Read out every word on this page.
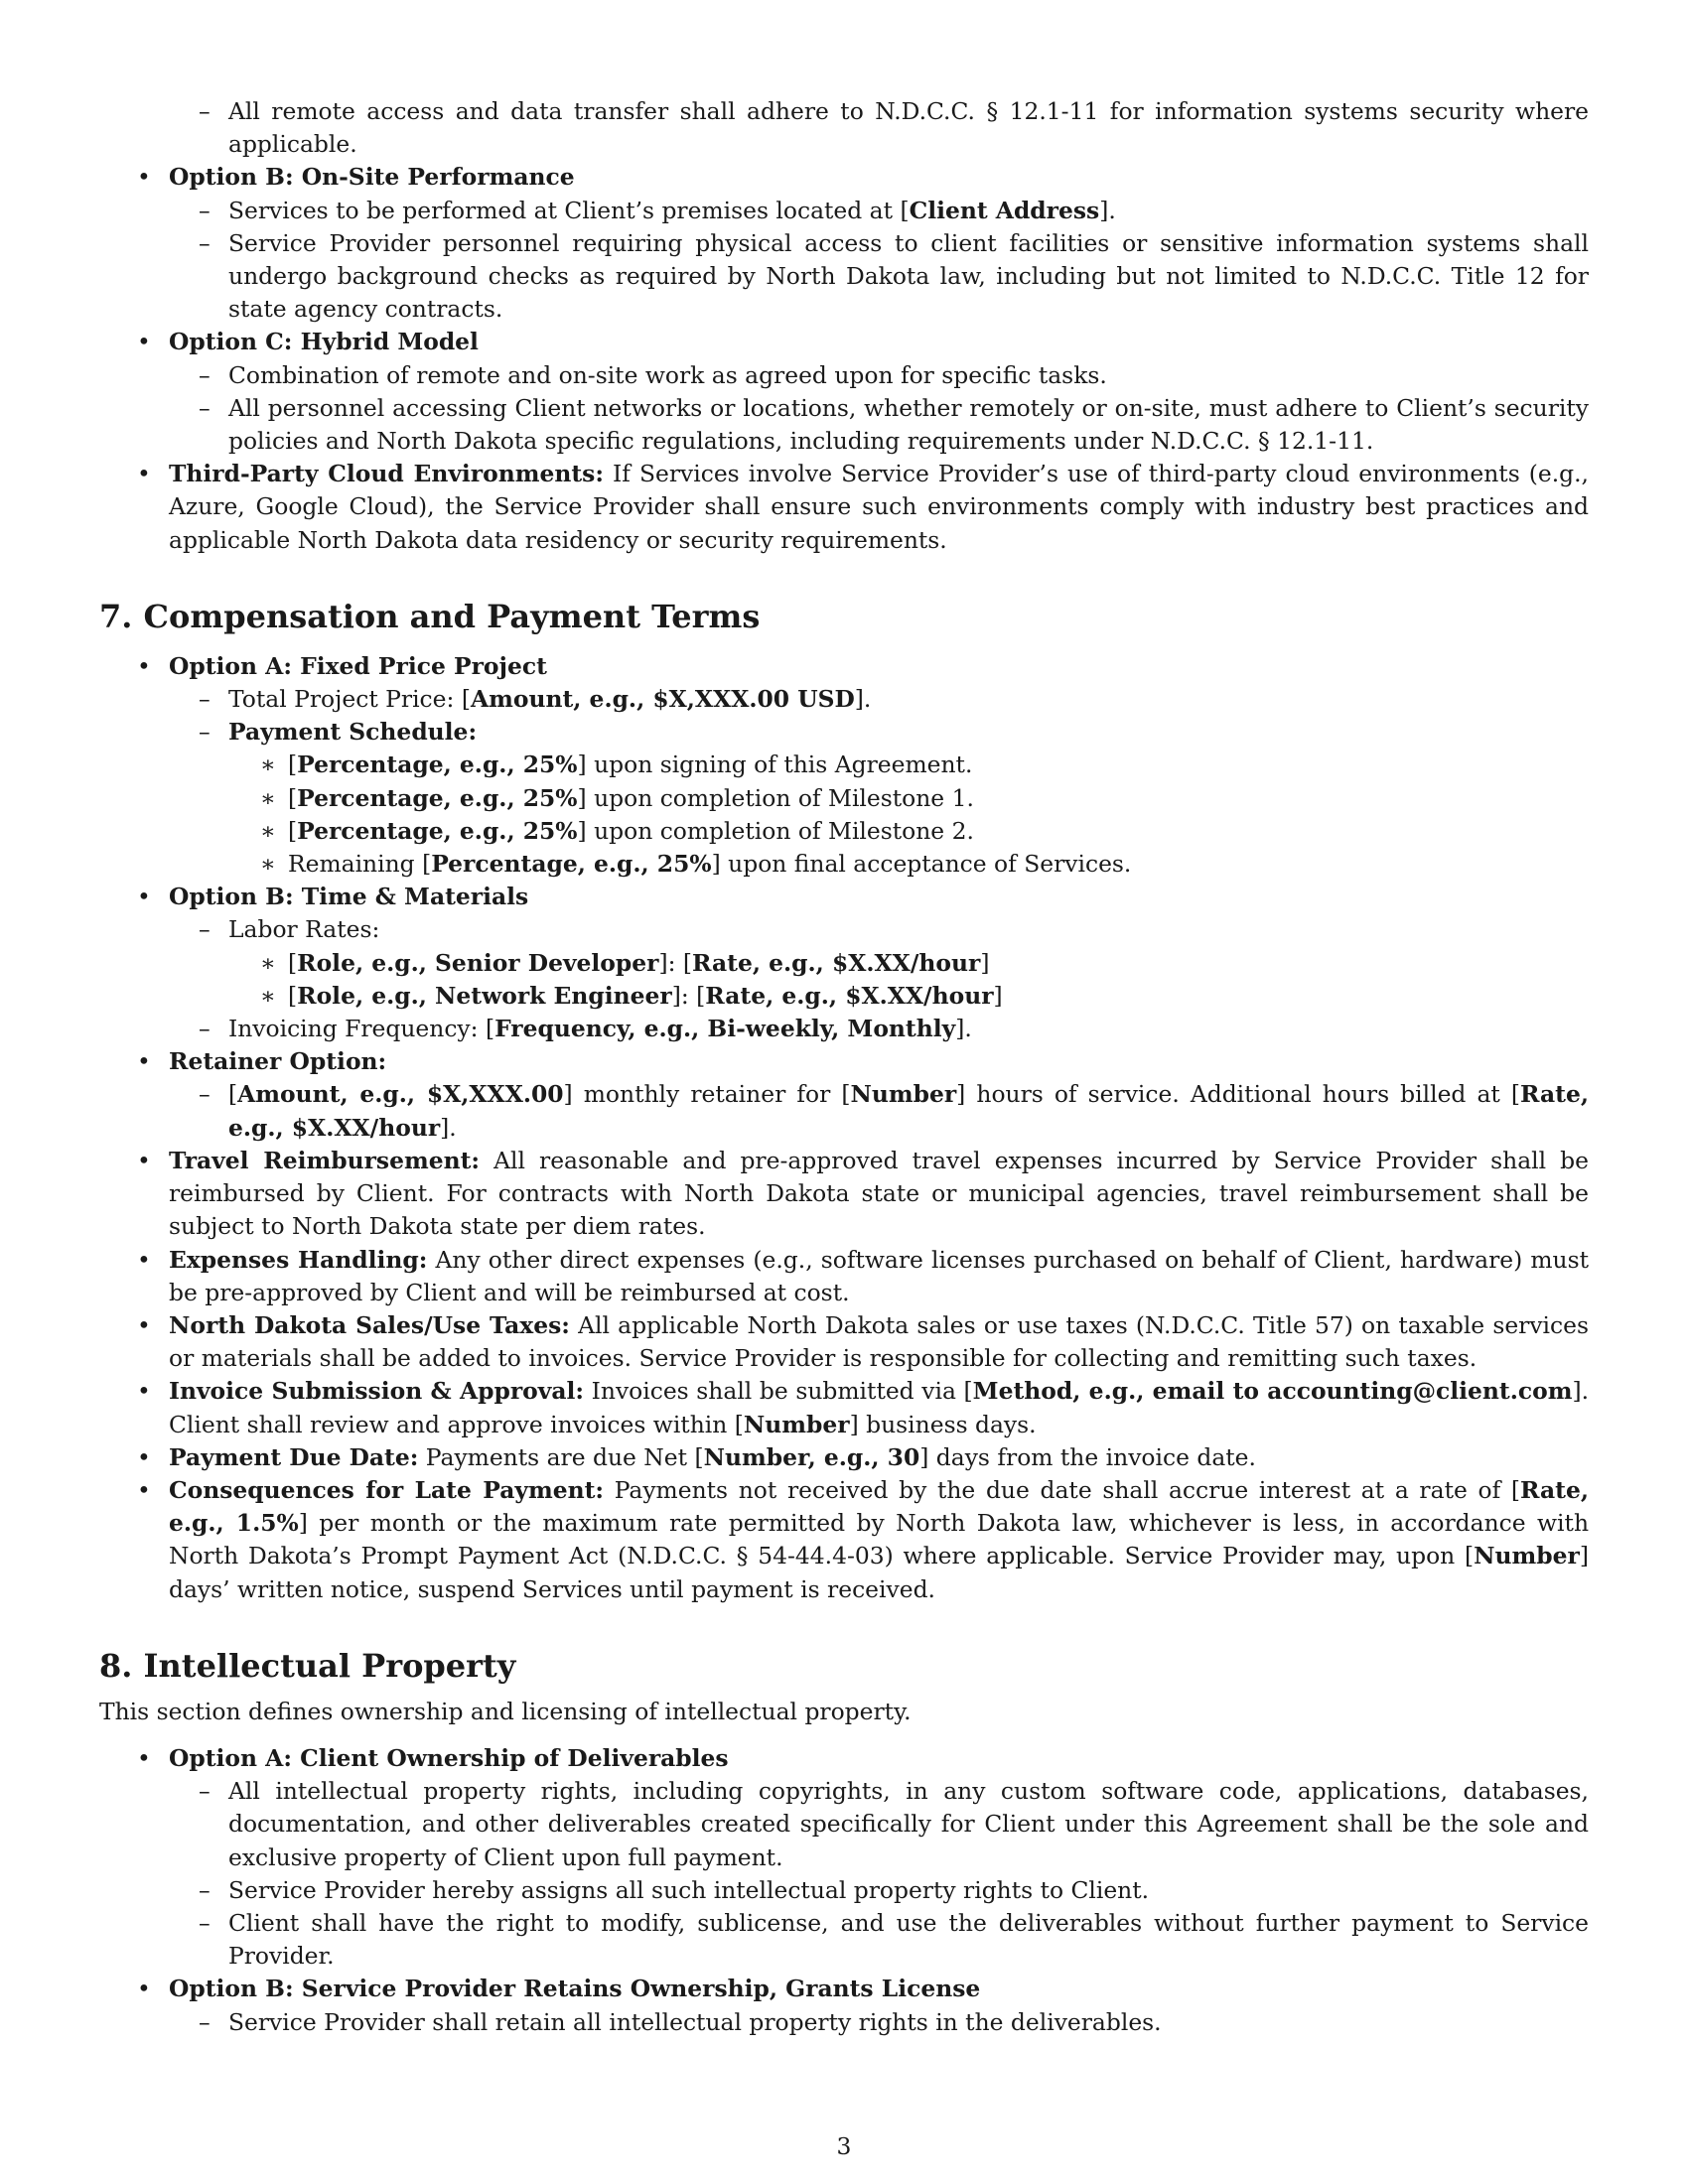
– All remote access and data transfer shall adhere to N.D.C.C. § 12.1-11 for information systems security where applicable.

• Option B: On-Site Performance
– Services to be performed at Client’s premises located at [Client Address].

– Service Provider personnel requiring physical access to client facilities or sensitive information systems shall undergo background checks as required by North Dakota law, including but not limited to N.D.C.C. Title 12 for state agency contracts.

• Option C: Hybrid Model
– Combination of remote and on-site work as agreed upon for specific tasks.

– All personnel accessing Client networks or locations, whether remotely or on-site, must adhere to Client’s security policies and North Dakota specific regulations, including requirements under N.D.C.C. § 12.1-11.

• Third-Party Cloud Environments: If Services involve Service Provider’s use of third-party cloud environments (e.g., Azure, Google Cloud), the Service Provider shall ensure such environments comply with industry best practices and applicable North Dakota data residency or security requirements.

7. Compensation and Payment Terms
• Option A: Fixed Price Project
– Total Project Price: [Amount, e.g., $X,XXX.00 USD].

– Payment Schedule:
∗ [Percentage, e.g., 25%] upon signing of this Agreement.
∗ [Percentage, e.g., 25%] upon completion of Milestone 1.
∗ [Percentage, e.g., 25%] upon completion of Milestone 2.
∗ Remaining [Percentage, e.g., 25%] upon final acceptance of Services.
• Option B: Time & Materials
– Labor Rates:
∗ [Role, e.g., Senior Developer]: [Rate, e.g., $X.XX/hour]
∗ [Role, e.g., Network Engineer]: [Rate, e.g., $X.XX/hour]
– Invoicing Frequency: [Frequency, e.g., Bi-weekly, Monthly].

• Retainer Option:
– [Amount, e.g., $X,XXX.00] monthly retainer for [Number] hours of service. Additional hours billed at [Rate, e.g., $X.XX/hour].

• Travel Reimbursement: All reasonable and pre-approved travel expenses incurred by Service Provider shall be reimbursed by Client. For contracts with North Dakota state or municipal agencies, travel reimbursement shall be subject to North Dakota state per diem rates.

• Expenses Handling: Any other direct expenses (e.g., software licenses purchased on behalf of Client, hardware) must be pre-approved by Client and will be reimbursed at cost.

• North Dakota Sales/Use Taxes: All applicable North Dakota sales or use taxes (N.D.C.C. Title 57) on taxable services or materials shall be added to invoices. Service Provider is responsible for collecting and remitting such taxes.

• Invoice Submission & Approval: Invoices shall be submitted via [Method, e.g., email to accounting@client.com]. Client shall review and approve invoices within [Number] business days.

• Payment Due Date: Payments are due Net [Number, e.g., 30] days from the invoice date.

• Consequences for Late Payment: Payments not received by the due date shall accrue interest at a rate of [Rate, e.g., 1.5%] per month or the maximum rate permitted by North Dakota law, whichever is less, in accordance with North Dakota’s Prompt Payment Act (N.D.C.C. § 54-44.4-03) where applicable. Service Provider may, upon [Number] days’ written notice, suspend Services until payment is received.

8. Intellectual Property

This section defines ownership and licensing of intellectual property.

• Option A: Client Ownership of Deliverables
– All intellectual property rights, including copyrights, in any custom software code, applications, databases, documentation, and other deliverables created specifically for Client under this Agreement shall be the sole and exclusive property of Client upon full payment.

– Service Provider hereby assigns all such intellectual property rights to Client.

– Client shall have the right to modify, sublicense, and use the deliverables without further payment to Service Provider.

• Option B: Service Provider Retains Ownership, Grants License
– Service Provider shall retain all intellectual property rights in the deliverables.

3
